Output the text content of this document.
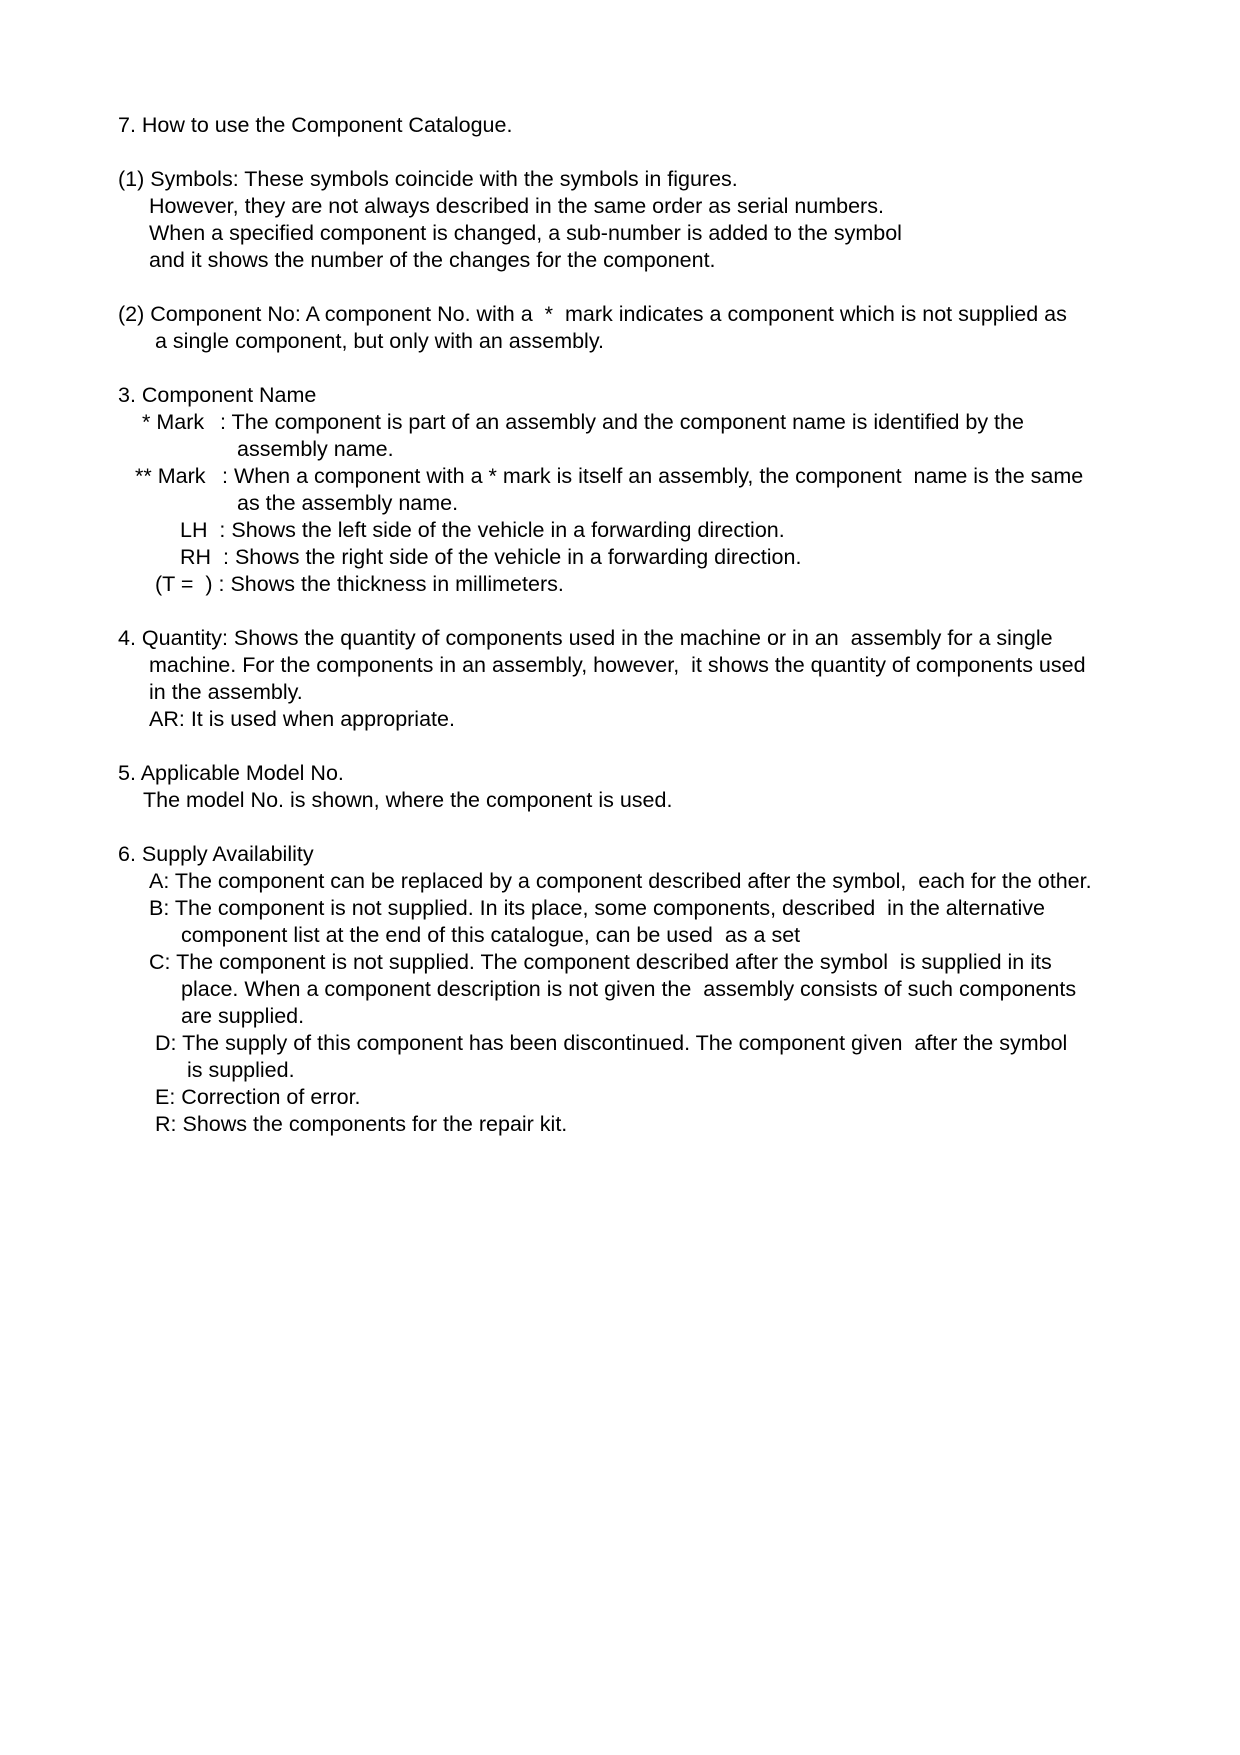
7. How to use the Component Catalogue.
(1) Symbols: These symbols coincide with the symbols in figures.
However, they are not always described in the same order as serial numbers.
When a specified component is changed, a sub-number is added to the symbol
and it shows the number of the changes for the component.
(2) Component No: A component No. with a  *  mark indicates a component which is not supplied as
a single component, but only with an assembly.
3. Component Name
* Mark : The component is part of an assembly and the component name is identified by the
assembly name.
** Mark : When a component with a * mark is itself an assembly, the component  name is the same
as the assembly name.
LH  : Shows the left side of the vehicle in a forwarding direction.
RH  : Shows the right side of the vehicle in a forwarding direction.
(T =  ) : Shows the thickness in millimeters.
4. Quantity: Shows the quantity of components used in the machine or in an  assembly for a single
machine. For the components in an assembly, however,  it shows the quantity of components used
in the assembly.
AR: It is used when appropriate.
5. Applicable Model No.
The model No. is shown, where the component is used.
6. Supply Availability
A: The component can be replaced by a component described after the symbol,  each for the other.
B: The component is not supplied. In its place, some components, described  in the alternative
component list at the end of this catalogue, can be used  as a set
C: The component is not supplied. The component described after the symbol  is supplied in its
place. When a component description is not given the  assembly consists of such components
are supplied.
D: The supply of this component has been discontinued. The component given  after the symbol
is supplied.
E: Correction of error.
R: Shows the components for the repair kit.
